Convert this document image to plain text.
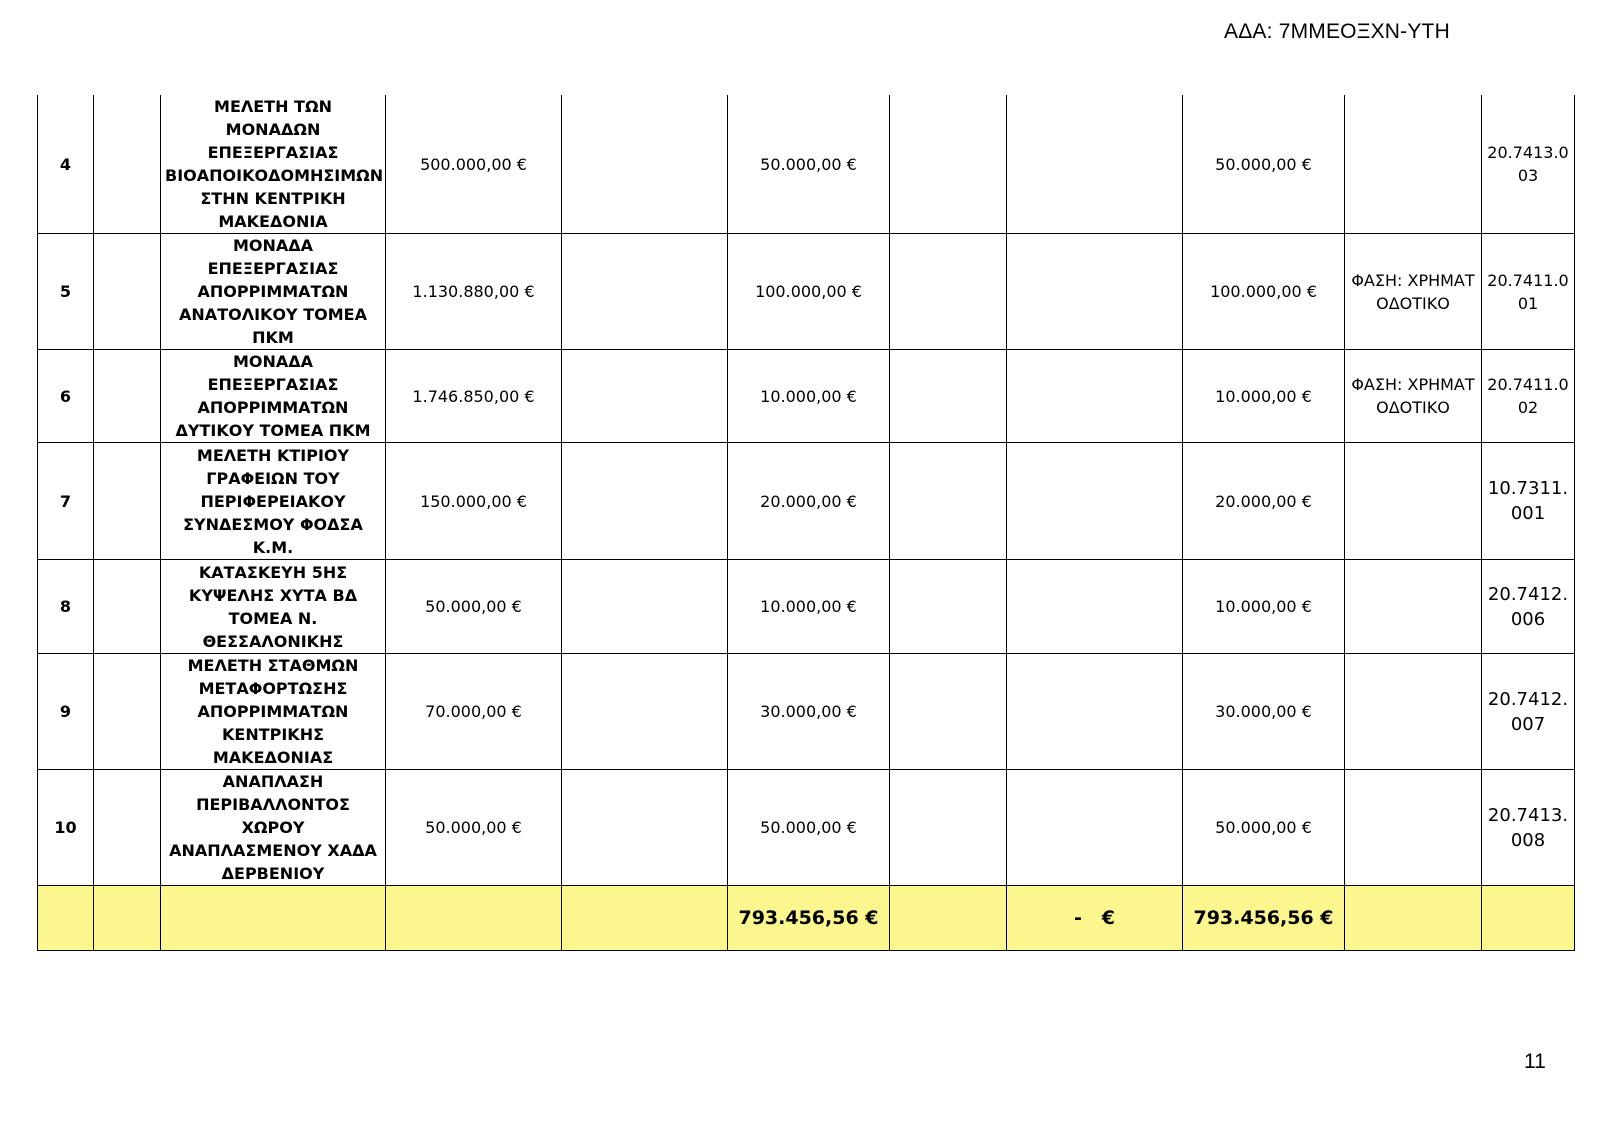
ΑΔΑ: 7ΜΜΕΟΞΧΝ-ΥΤΗ
4		ΜΕΛΕΤΗ ΤΩΝ ΜΟΝΑΔΩΝ ΕΠΕΞΕΡΓΑΣΙΑΣ ΒΙΟΑΠΟΙΚΟΔΟΜΗΣΙΜΩΝ ΣΤΗΝ ΚΕΝΤΡΙΚΗ ΜΑΚΕΔΟΝΙΑ	500.000,00 €		50.000,00 €			50.000,00 €		20.7413.003
5		ΜΟΝΑΔΑ ΕΠΕΞΕΡΓΑΣΙΑΣ ΑΠΟΡΡΙΜΜΑΤΩΝ ΑΝΑΤΟΛΙΚΟΥ ΤΟΜΕΑ ΠΚΜ	1.130.880,00 €		100.000,00 €			100.000,00 €	ΦΑΣΗ: ΧΡΗΜΑΤΟΔΟΤΙΚΟ	20.7411.001
6		ΜΟΝΑΔΑ ΕΠΕΞΕΡΓΑΣΙΑΣ ΑΠΟΡΡΙΜΜΑΤΩΝ ΔΥΤΙΚΟΥ ΤΟΜΕΑ ΠΚΜ	1.746.850,00 €		10.000,00 €			10.000,00 €	ΦΑΣΗ: ΧΡΗΜΑΤΟΔΟΤΙΚΟ	20.7411.002
7		ΜΕΛΕΤΗ ΚΤΙΡΙΟΥ ΓΡΑΦΕΙΩΝ ΤΟΥ ΠΕΡΙΦΕΡΕΙΑΚΟΥ ΣΥΝΔΕΣΜΟΥ ΦΟΔΣΑ Κ.Μ.	150.000,00 €		20.000,00 €			20.000,00 €		10.7311.001
8		ΚΑΤΑΣΚΕΥΗ 5ΗΣ ΚΥΨΕΛΗΣ ΧΥΤΑ ΒΔ ΤΟΜΕΑ Ν. ΘΕΣΣΑΛΟΝΙΚΗΣ	50.000,00 €		10.000,00 €			10.000,00 €		20.7412.006
9		ΜΕΛΕΤΗ ΣΤΑΘΜΩΝ ΜΕΤΑΦΟΡΤΩΣΗΣ ΑΠΟΡΡΙΜΜΑΤΩΝ ΚΕΝΤΡΙΚΗΣ ΜΑΚΕΔΟΝΙΑΣ	70.000,00 €		30.000,00 €			30.000,00 €		20.7412.007
10		ΑΝΑΠΛΑΣΗ ΠΕΡΙΒΑΛΛΟΝΤΟΣ ΧΩΡΟΥ ΑΝΑΠΛΑΣΜΕΝΟΥ ΧΑΔΑ ΔΕΡΒΕΝΙΟΥ	50.000,00 €		50.000,00 €			50.000,00 €		20.7413.008
					793.456,56 €		-   €	793.456,56 €		
11
